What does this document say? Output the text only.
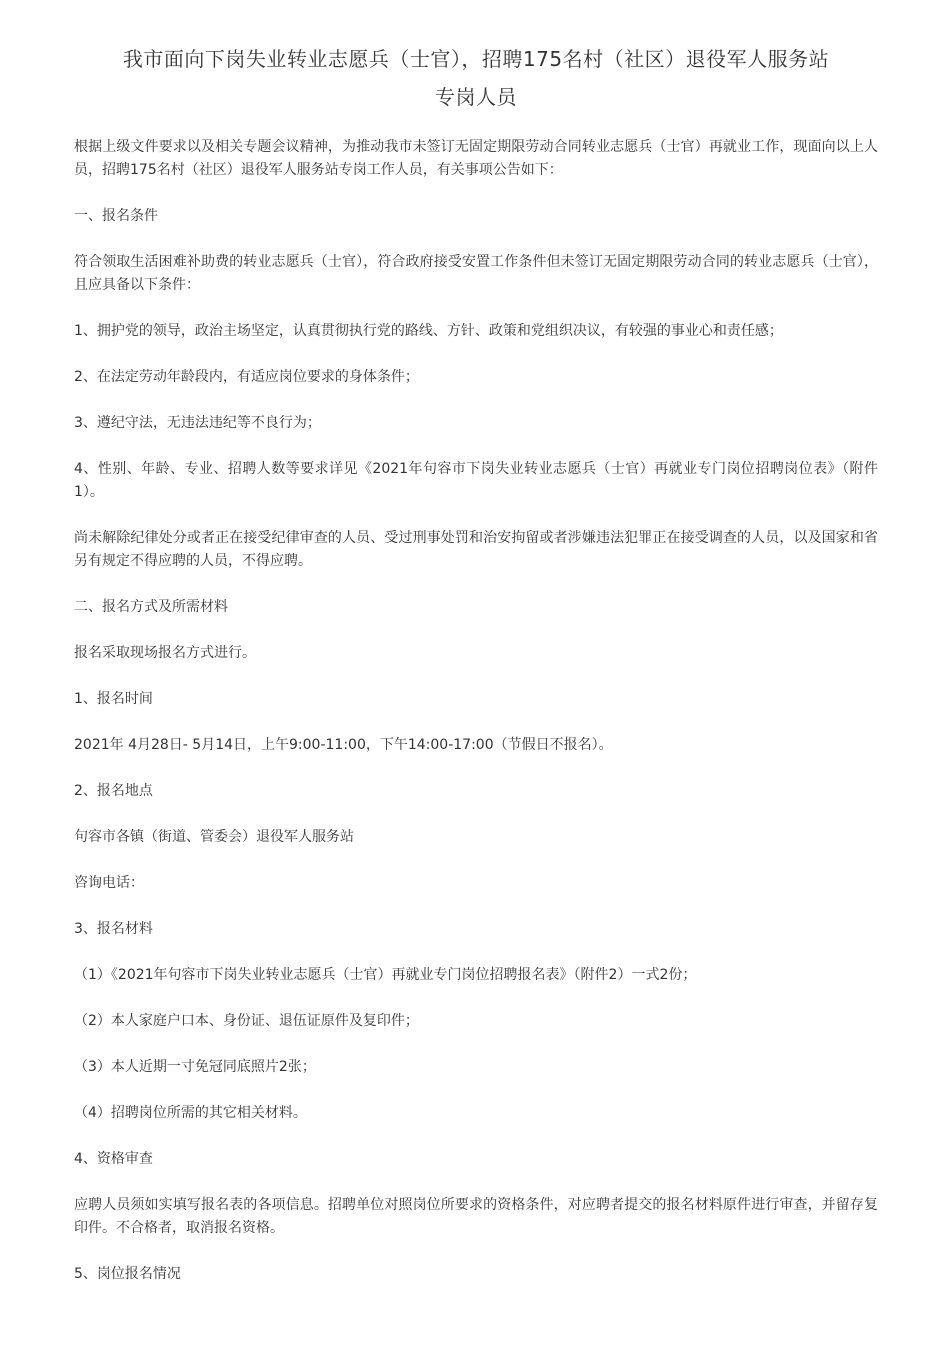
我市面向下岗失业转业志愿兵（士官），招聘175名村（社区）退役军人服务站
专岗人员

根据上级文件要求以及相关专题会议精神，为推动我市未签订无固定期限劳动合同转业志愿兵（士官）再就业工作，现面向以上人员，招聘175名村（社区）退役军人服务站专岗工作人员，有关事项公告如下：

一、报名条件

符合领取生活困难补助费的转业志愿兵（士官），符合政府接受安置工作条件但未签订无固定期限劳动合同的转业志愿兵（士官），且应具备以下条件：

1、拥护党的领导，政治主场坚定，认真贯彻执行党的路线、方针、政策和党组织决议，有较强的事业心和责任感；

2、在法定劳动年龄段内，有适应岗位要求的身体条件；

3、遵纪守法，无违法违纪等不良行为；

4、性别、年龄、专业、招聘人数等要求详见《2021年句容市下岗失业转业志愿兵（士官）再就业专门岗位招聘岗位表》（附件1）。

尚未解除纪律处分或者正在接受纪律审查的人员、受过刑事处罚和治安拘留或者涉嫌违法犯罪正在接受调查的人员，以及国家和省另有规定不得应聘的人员，不得应聘。

二、报名方式及所需材料

报名采取现场报名方式进行。

1、报名时间

2021年 4月28日- 5月14日，上午9:00-11:00，下午14:00-17:00（节假日不报名）。

2、报名地点

句容市各镇（街道、管委会）退役军人服务站

咨询电话：

3、报名材料

（1）《2021年句容市下岗失业转业志愿兵（士官）再就业专门岗位招聘报名表》（附件2）一式2份；

（2）本人家庭户口本、身份证、退伍证原件及复印件；

（3）本人近期一寸免冠同底照片2张；

（4）招聘岗位所需的其它相关材料。

4、资格审查

应聘人员须如实填写报名表的各项信息。招聘单位对照岗位所要求的资格条件，对应聘者提交的报名材料原件进行审查，并留存复印件。不合格者，取消报名资格。

5、岗位报名情况
